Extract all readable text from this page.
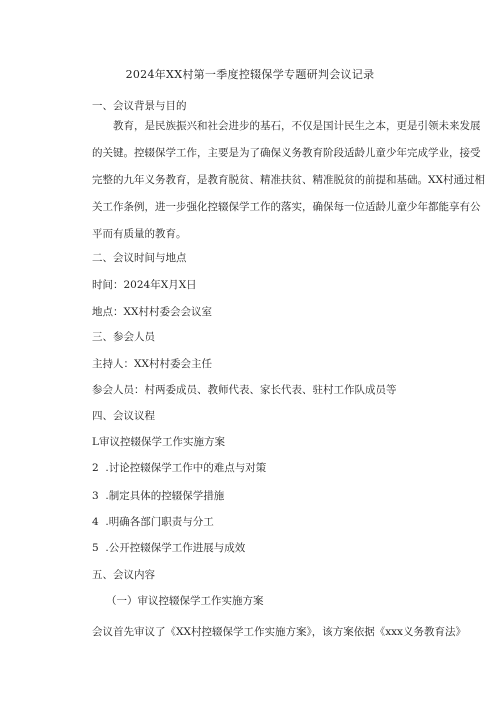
2024年XX村第一季度控辍保学专题研判会议记录
一、会议背景与目的
教育，是民族振兴和社会进步的基石，不仅是国计民生之本，更是引领未来发展
的关键。控辍保学工作，主要是为了确保义务教育阶段适龄儿童少年完成学业，接受
完整的九年义务教育，是教育脱贫、精准扶贫、精准脱贫的前提和基础。XX村通过相
关工作条例，进一步强化控辍保学工作的落实，确保每一位适龄儿童少年都能享有公
平而有质量的教育。
二、会议时间与地点
时间：2024年X月X日
地点：XX村村委会会议室
三、参会人员
主持人：XX村村委会主任
参会人员：村两委成员、教师代表、家长代表、驻村工作队成员等
四、会议议程
L审议控辍保学工作实施方案
2  .讨论控辍保学工作中的难点与对策
3  .制定具体的控辍保学措施
4  .明确各部门职责与分工
5  .公开控辍保学工作进展与成效
五、会议内容
（一）审议控辍保学工作实施方案
会议首先审议了《XX村控辍保学工作实施方案》，该方案依据《xxx义务教育法》
